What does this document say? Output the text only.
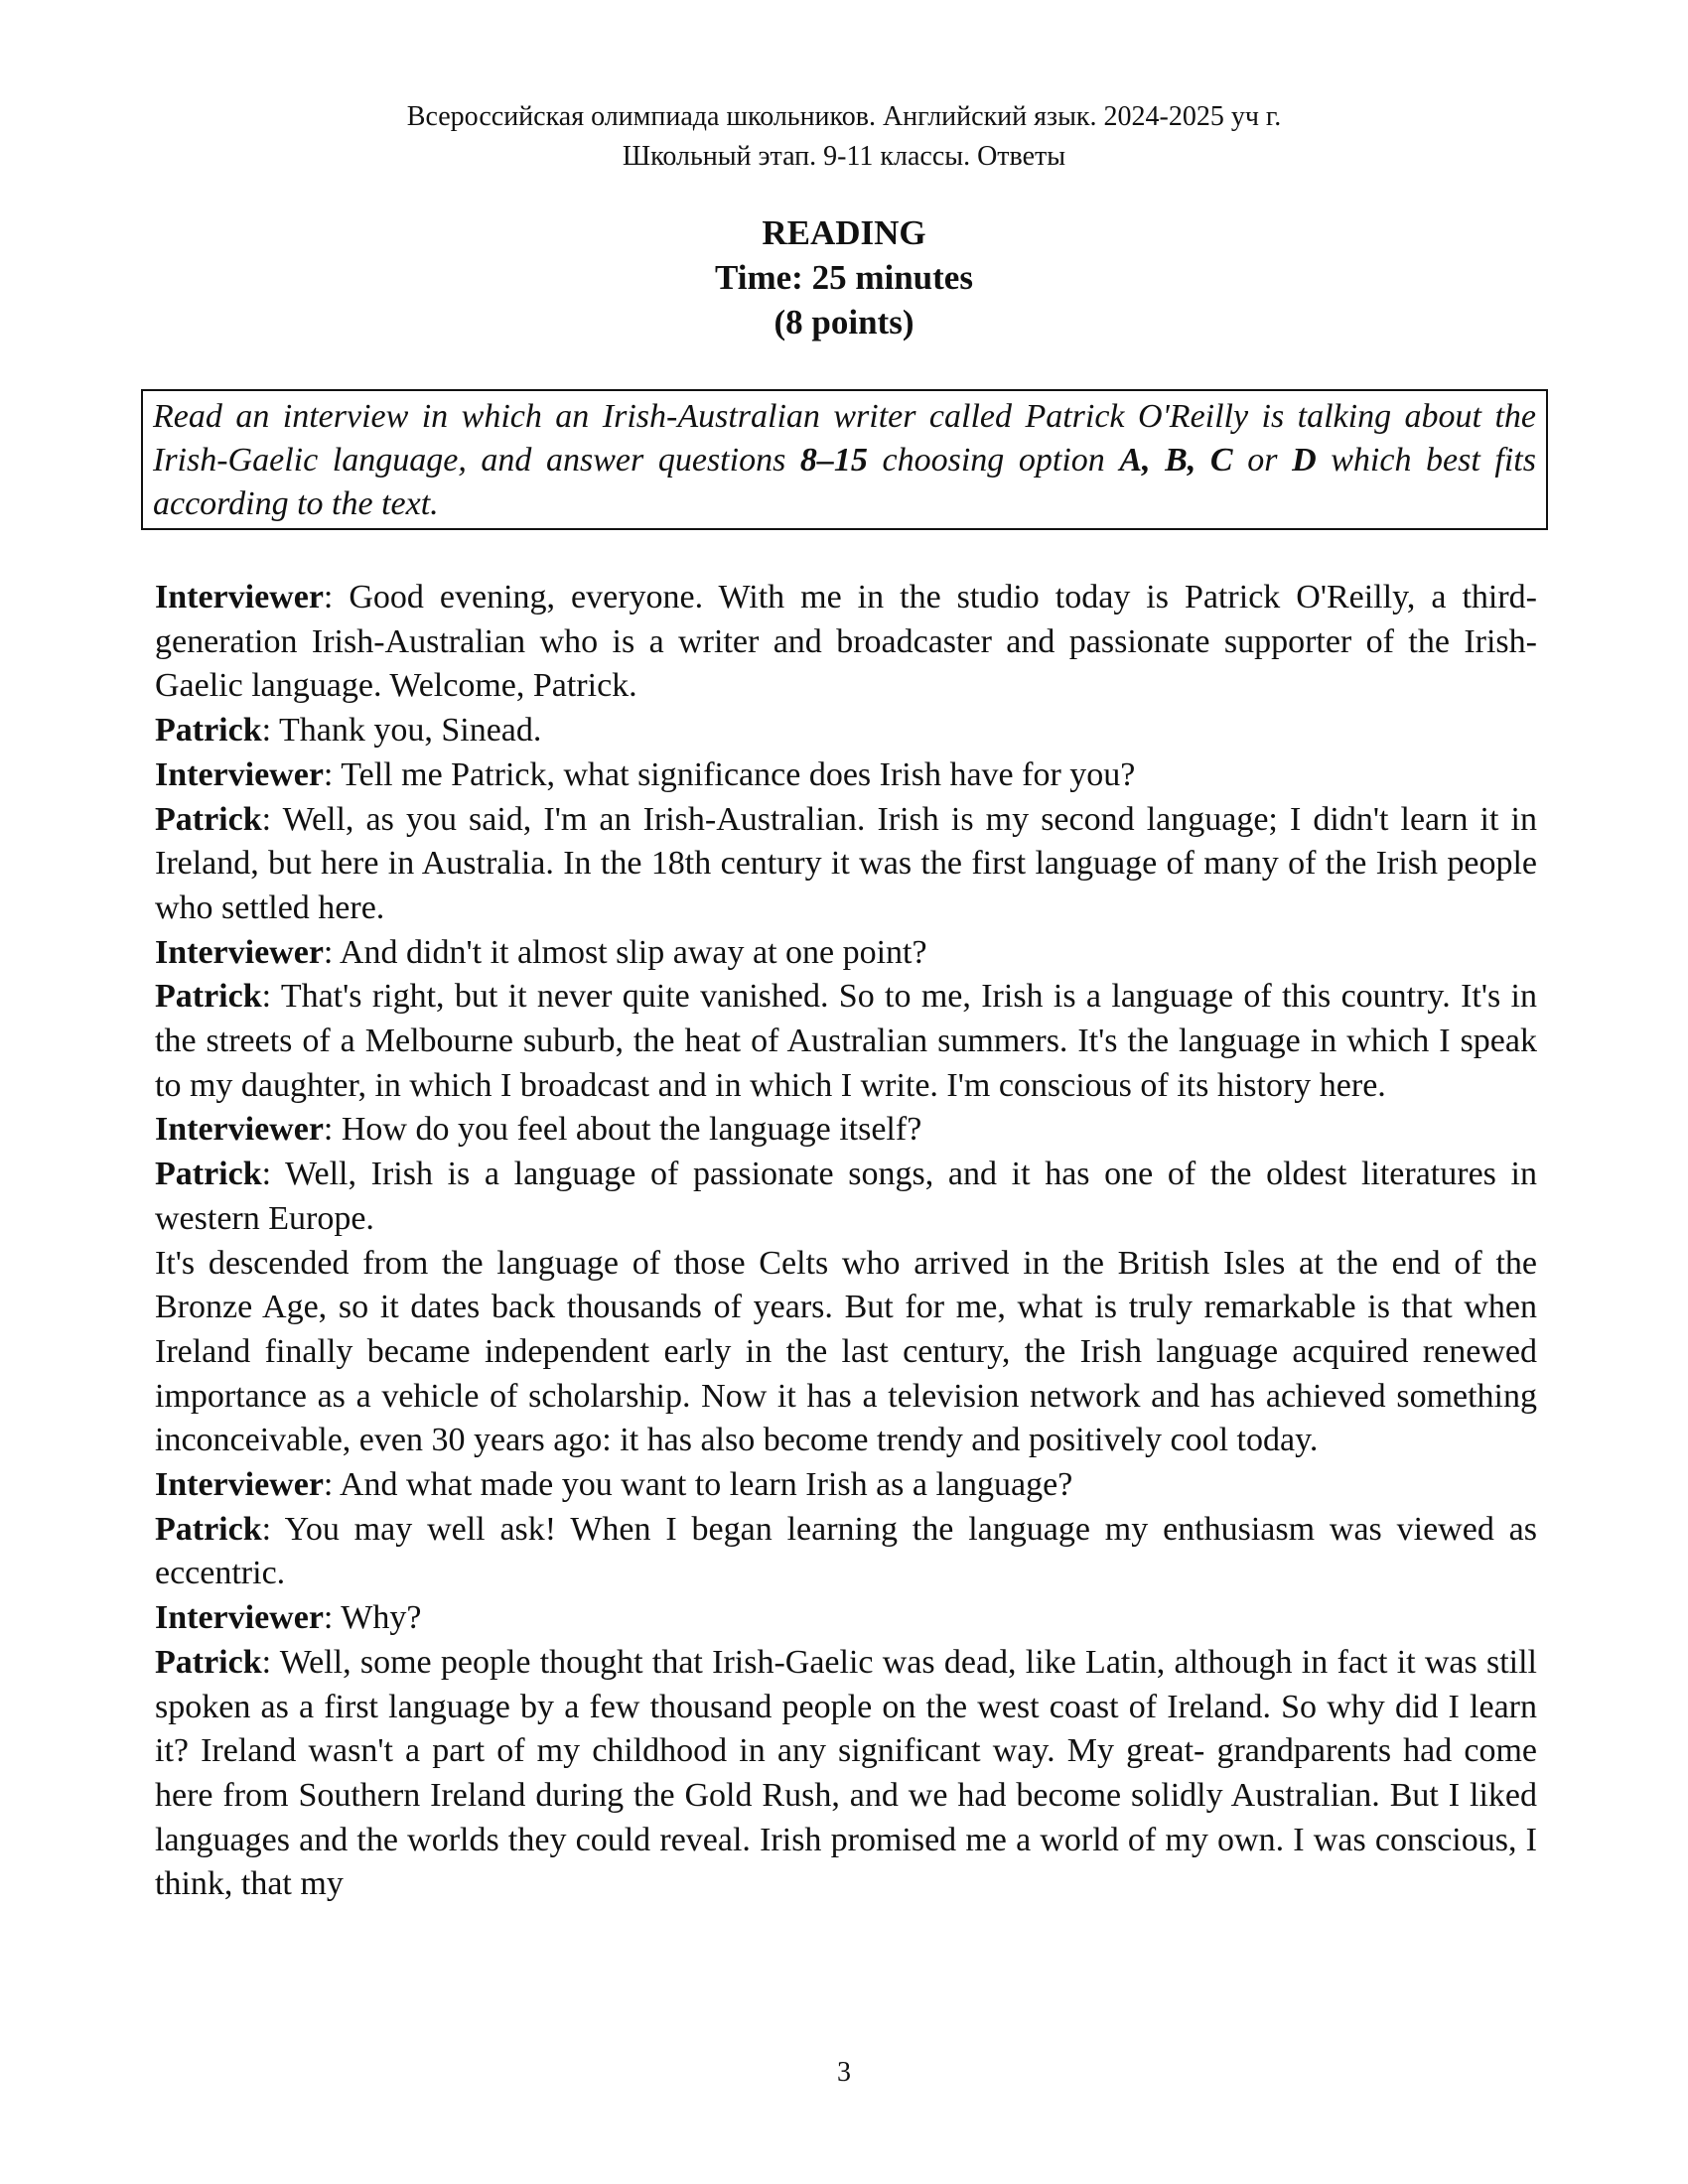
Всероссийская олимпиада школьников. Английский язык. 2024-2025 уч г.
Школьный этап. 9-11 классы. Ответы
READING
Time: 25 minutes
(8 points)
Read an interview in which an Irish-Australian writer called Patrick O'Reilly is talking about the Irish-Gaelic language, and answer questions 8–15 choosing option A, B, C or D which best fits according to the text.

Interviewer: Good evening, everyone. With me in the studio today is Patrick O'Reilly, a third-generation Irish-Australian who is a writer and broadcaster and passionate supporter of the Irish-Gaelic language. Welcome, Patrick.

Patrick: Thank you, Sinead.

Interviewer: Tell me Patrick, what significance does Irish have for you?

Patrick: Well, as you said, I'm an Irish-Australian. Irish is my second language; I didn't learn it in Ireland, but here in Australia. In the 18th century it was the first language of many of the Irish people who settled here.

Interviewer: And didn't it almost slip away at one point?

Patrick: That's right, but it never quite vanished. So to me, Irish is a language of this country. It's in the streets of a Melbourne suburb, the heat of Australian summers. It's the language in which I speak to my daughter, in which I broadcast and in which I write. I'm conscious of its history here.

Interviewer: How do you feel about the language itself?

Patrick: Well, Irish is a language of passionate songs, and it has one of the oldest literatures in western Europe.

It's descended from the language of those Celts who arrived in the British Isles at the end of the Bronze Age, so it dates back thousands of years. But for me, what is truly remarkable is that when Ireland finally became independent early in the last century, the Irish language acquired renewed importance as a vehicle of scholarship. Now it has a television network and has achieved something inconceivable, even 30 years ago: it has also become trendy and positively cool today.

Interviewer: And what made you want to learn Irish as a language?

Patrick: You may well ask! When I began learning the language my enthusiasm was viewed as eccentric.

Interviewer: Why?

Patrick: Well, some people thought that Irish-Gaelic was dead, like Latin, although in fact it was still spoken as a first language by a few thousand people on the west coast of Ireland. So why did I learn it? Ireland wasn't a part of my childhood in any significant way. My great- grandparents had come here from Southern Ireland during the Gold Rush, and we had become solidly Australian. But I liked languages and the worlds they could reveal. Irish promised me a world of my own. I was conscious, I think, that my

3
